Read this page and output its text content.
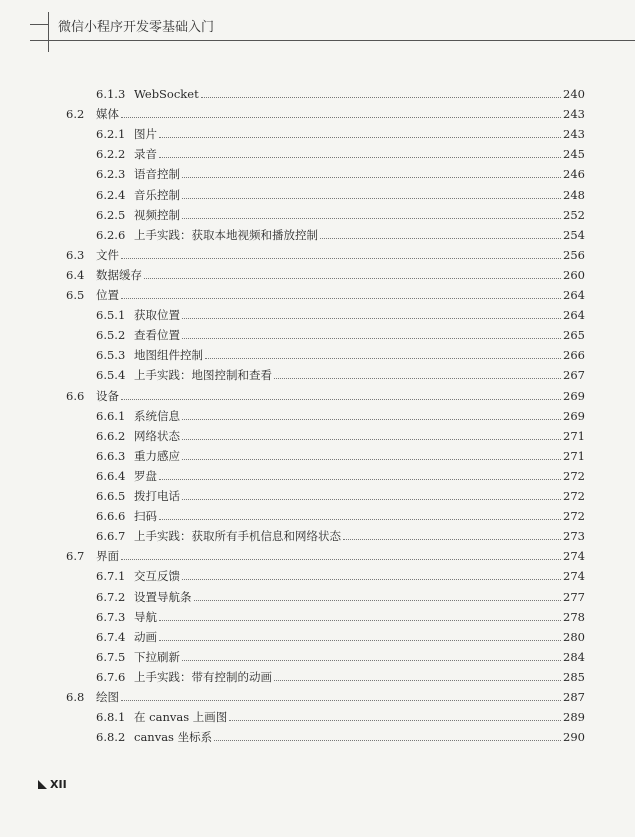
微信小程序开发零基础入门
6.1.3 WebSocket	240
6.2	媒体	243
6.2.1 图片	243
6.2.2 录音	245
6.2.3 语音控制	246
6.2.4 音乐控制	248
6.2.5 视频控制	252
6.2.6 上手实践：获取本地视频和播放控制	254
6.3	文件	256
6.4	数据缓存	260
6.5	位置	264
6.5.1 获取位置	264
6.5.2 查看位置	265
6.5.3 地图组件控制	266
6.5.4 上手实践：地图控制和查看	267
6.6	设备	269
6.6.1 系统信息	269
6.6.2 网络状态	271
6.6.3 重力感应	271
6.6.4 罗盘	272
6.6.5 拨打电话	272
6.6.6 扫码	272
6.6.7 上手实践：获取所有手机信息和网络状态	273
6.7	界面	274
6.7.1 交互反馈	274
6.7.2 设置导航条	277
6.7.3 导航	278
6.7.4 动画	280
6.7.5 下拉刷新	284
6.7.6 上手实践：带有控制的动画	285
6.8	绘图	287
6.8.1 在 canvas 上画图	289
6.8.2 canvas 坐标系	290
XII
